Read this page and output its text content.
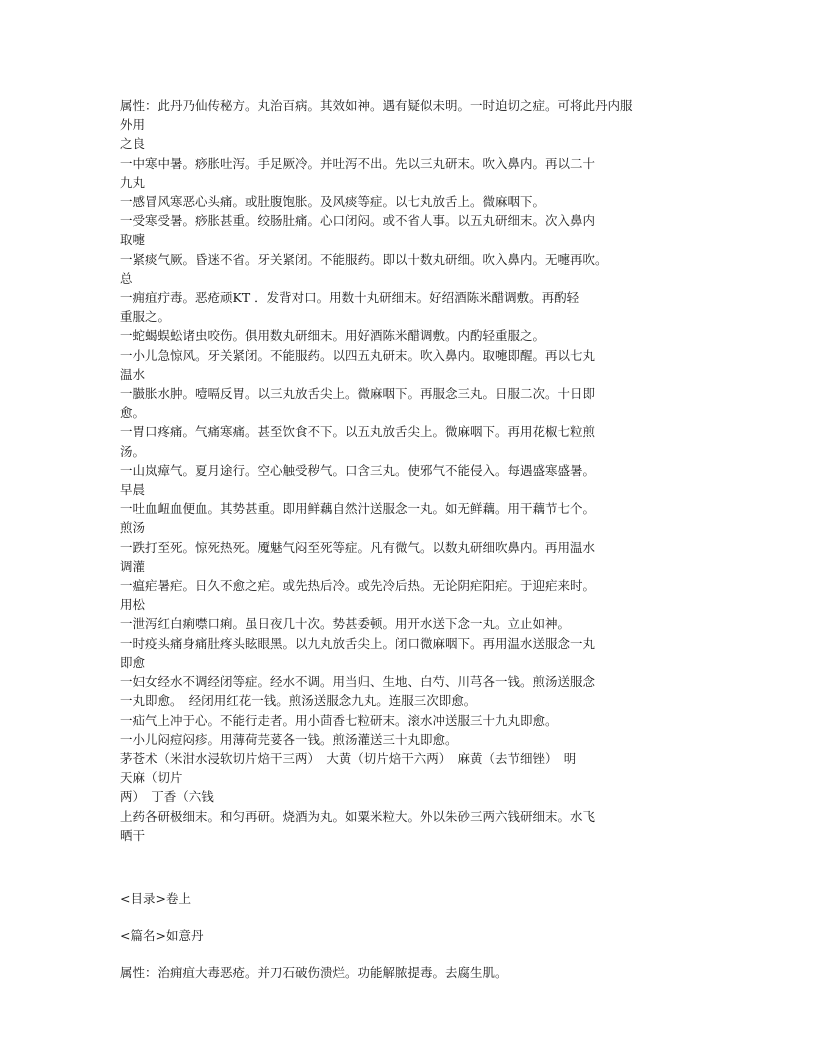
属性：此丹乃仙传秘方。丸治百病。其效如神。遇有疑似未明。一时迫切之症。可将此丹内服

外用

之良

一中寒中暑。痧胀吐泻。手足厥冷。并吐泻不出。先以三丸研末。吹入鼻内。再以二十

九丸

一感冒风寒恶心头痛。或肚腹饱胀。及风痰等症。以七丸放舌上。微麻咽下。

一受寒受暑。痧胀甚重。绞肠肚痛。心口闭闷。或不省人事。以五丸研细末。次入鼻内

取嚏

一紧痰气厥。昏迷不省。牙关紧闭。不能服药。即以十数丸研细。吹入鼻内。无嚏再吹。

总

一痈疽疔毒。恶疮顽KT ．发背对口。用数十丸研细末。好绍酒陈米醋调敷。再酌轻

重服之。

一蛇蝎蜈蚣诸虫咬伤。俱用数丸研细末。用好酒陈米醋调敷。内酌轻重服之。

一小儿急惊风。牙关紧闭。不能服药。以四五丸研末。吹入鼻内。取嚏即醒。再以七丸

温水

一臌胀水肿。噎嗝反胃。以三丸放舌尖上。微麻咽下。再服念三丸。日服二次。十日即

愈。

一胃口疼痛。气痛寒痛。甚至饮食不下。以五丸放舌尖上。微麻咽下。再用花椒七粒煎

汤。

一山岚瘴气。夏月途行。空心触受秽气。口含三丸。使邪气不能侵入。每遇盛寒盛暑。

早晨

一吐血衄血便血。其势甚重。即用鲜藕自然汁送服念一丸。如无鲜藕。用干藕节七个。

煎汤

一跌打至死。惊死热死。魇魅气闷至死等症。凡有微气。以数丸研细吹鼻内。再用温水

调灌

一瘟疟暑疟。日久不愈之疟。或先热后冷。或先冷后热。无论阴疟阳疟。于迎疟来时。

用松

一泄泻红白痢噤口痢。虽日夜几十次。势甚委顿。用开水送下念一丸。立止如神。

一时疫头痛身痛肚疼头眩眼黑。以九丸放舌尖上。闭口微麻咽下。再用温水送服念一丸

即愈

一妇女经水不调经闭等症。经水不调。用当归、生地、白芍、川芎各一钱。煎汤送服念

一丸即愈。　经闭用红花一钱。煎汤送服念九丸。连服三次即愈。

一疝气上冲于心。不能行走者。用小茴香七粒研末。滚水冲送服三十九丸即愈。

一小儿闷痘闷疹。用薄荷芫荽各一钱。煎汤灌送三十丸即愈。

茅苍术（米泔水浸软切片焙干三两）　大黄（切片焙干六两）　麻黄（去节细锉）　明

天麻（切片

两）　丁香（六钱

上药各研极细末。和匀再研。烧酒为丸。如粟米粒大。外以朱砂三两六钱研细末。水飞

晒干

<目录>卷上

<篇名>如意丹

属性：治痈疽大毒恶疮。并刀石破伤溃烂。功能解脓提毒。去腐生肌。
